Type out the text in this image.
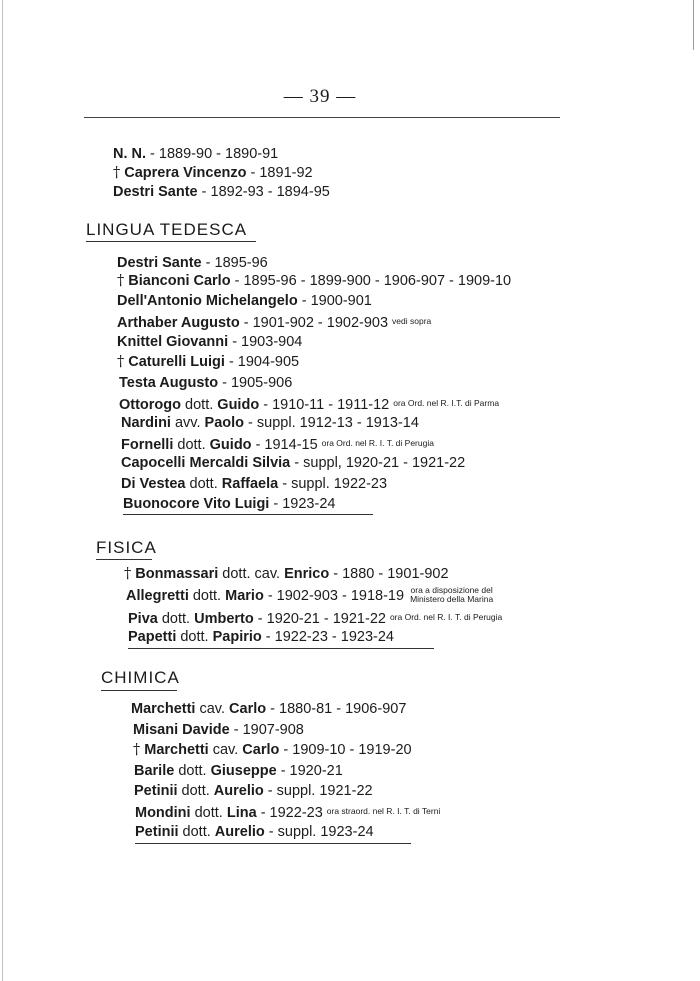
— 39 —
N. N. - 1889-90 - 1890-91
† Caprera Vincenzo - 1891-92
Destri Sante - 1892-93 - 1894-95
LINGUA TEDESCA
Destri Sante - 1895-96
† Bianconi Carlo - 1895-96 - 1899-900 - 1906-907 - 1909-10
Dell'Antonio Michelangelo - 1900-901
Arthaber Augusto - 1901-902 - 1902-903 $^{vedi sopra}$
Knittel Giovanni - 1903-904
† Caturelli Luigi - 1904-905
Testa Augusto - 1905-906
Ottorogo dott. Guido - 1910-11 - 1911-12 $^{ora Ord. nel R. I.T. di Parma}$
Nardini avv. Paolo - suppl. 1912-13 - 1913-14
Fornelli dott. Guido - 1914-15 $^{ora Ord. nel R. I. T. di Perugia}$
Capocelli Mercaldi Silvia - suppl, 1920-21 - 1921-22
Di Vestea dott. Raffaela - suppl. 1922-23
Buonocore Vito Luigi - 1923-24
FISICA
† Bonmassari dott. cav. Enrico - 1880 - 1901-902
Allegretti dott. Mario - 1902-903 - 1918-19 ora a disposizione del
Ministero della Marina
Piva dott. Umberto - 1920-21 - 1921-22 $^{ora Ord. nel R. I. T. di Perugia}$
Papetti dott. Papirio - 1922-23 - 1923-24
CHIMICA
Marchetti cav. Carlo - 1880-81 - 1906-907
Misani Davide - 1907-908
† Marchetti cav. Carlo - 1909-10 - 1919-20
Barile dott. Giuseppe - 1920-21
Petinii dott. Aurelio - suppl. 1921-22
Mondini dott. Lina - 1922-23 $^{ora straord. nel R. I. T. di Terni}$
Petinii dott. Aurelio - suppl. 1923-24
